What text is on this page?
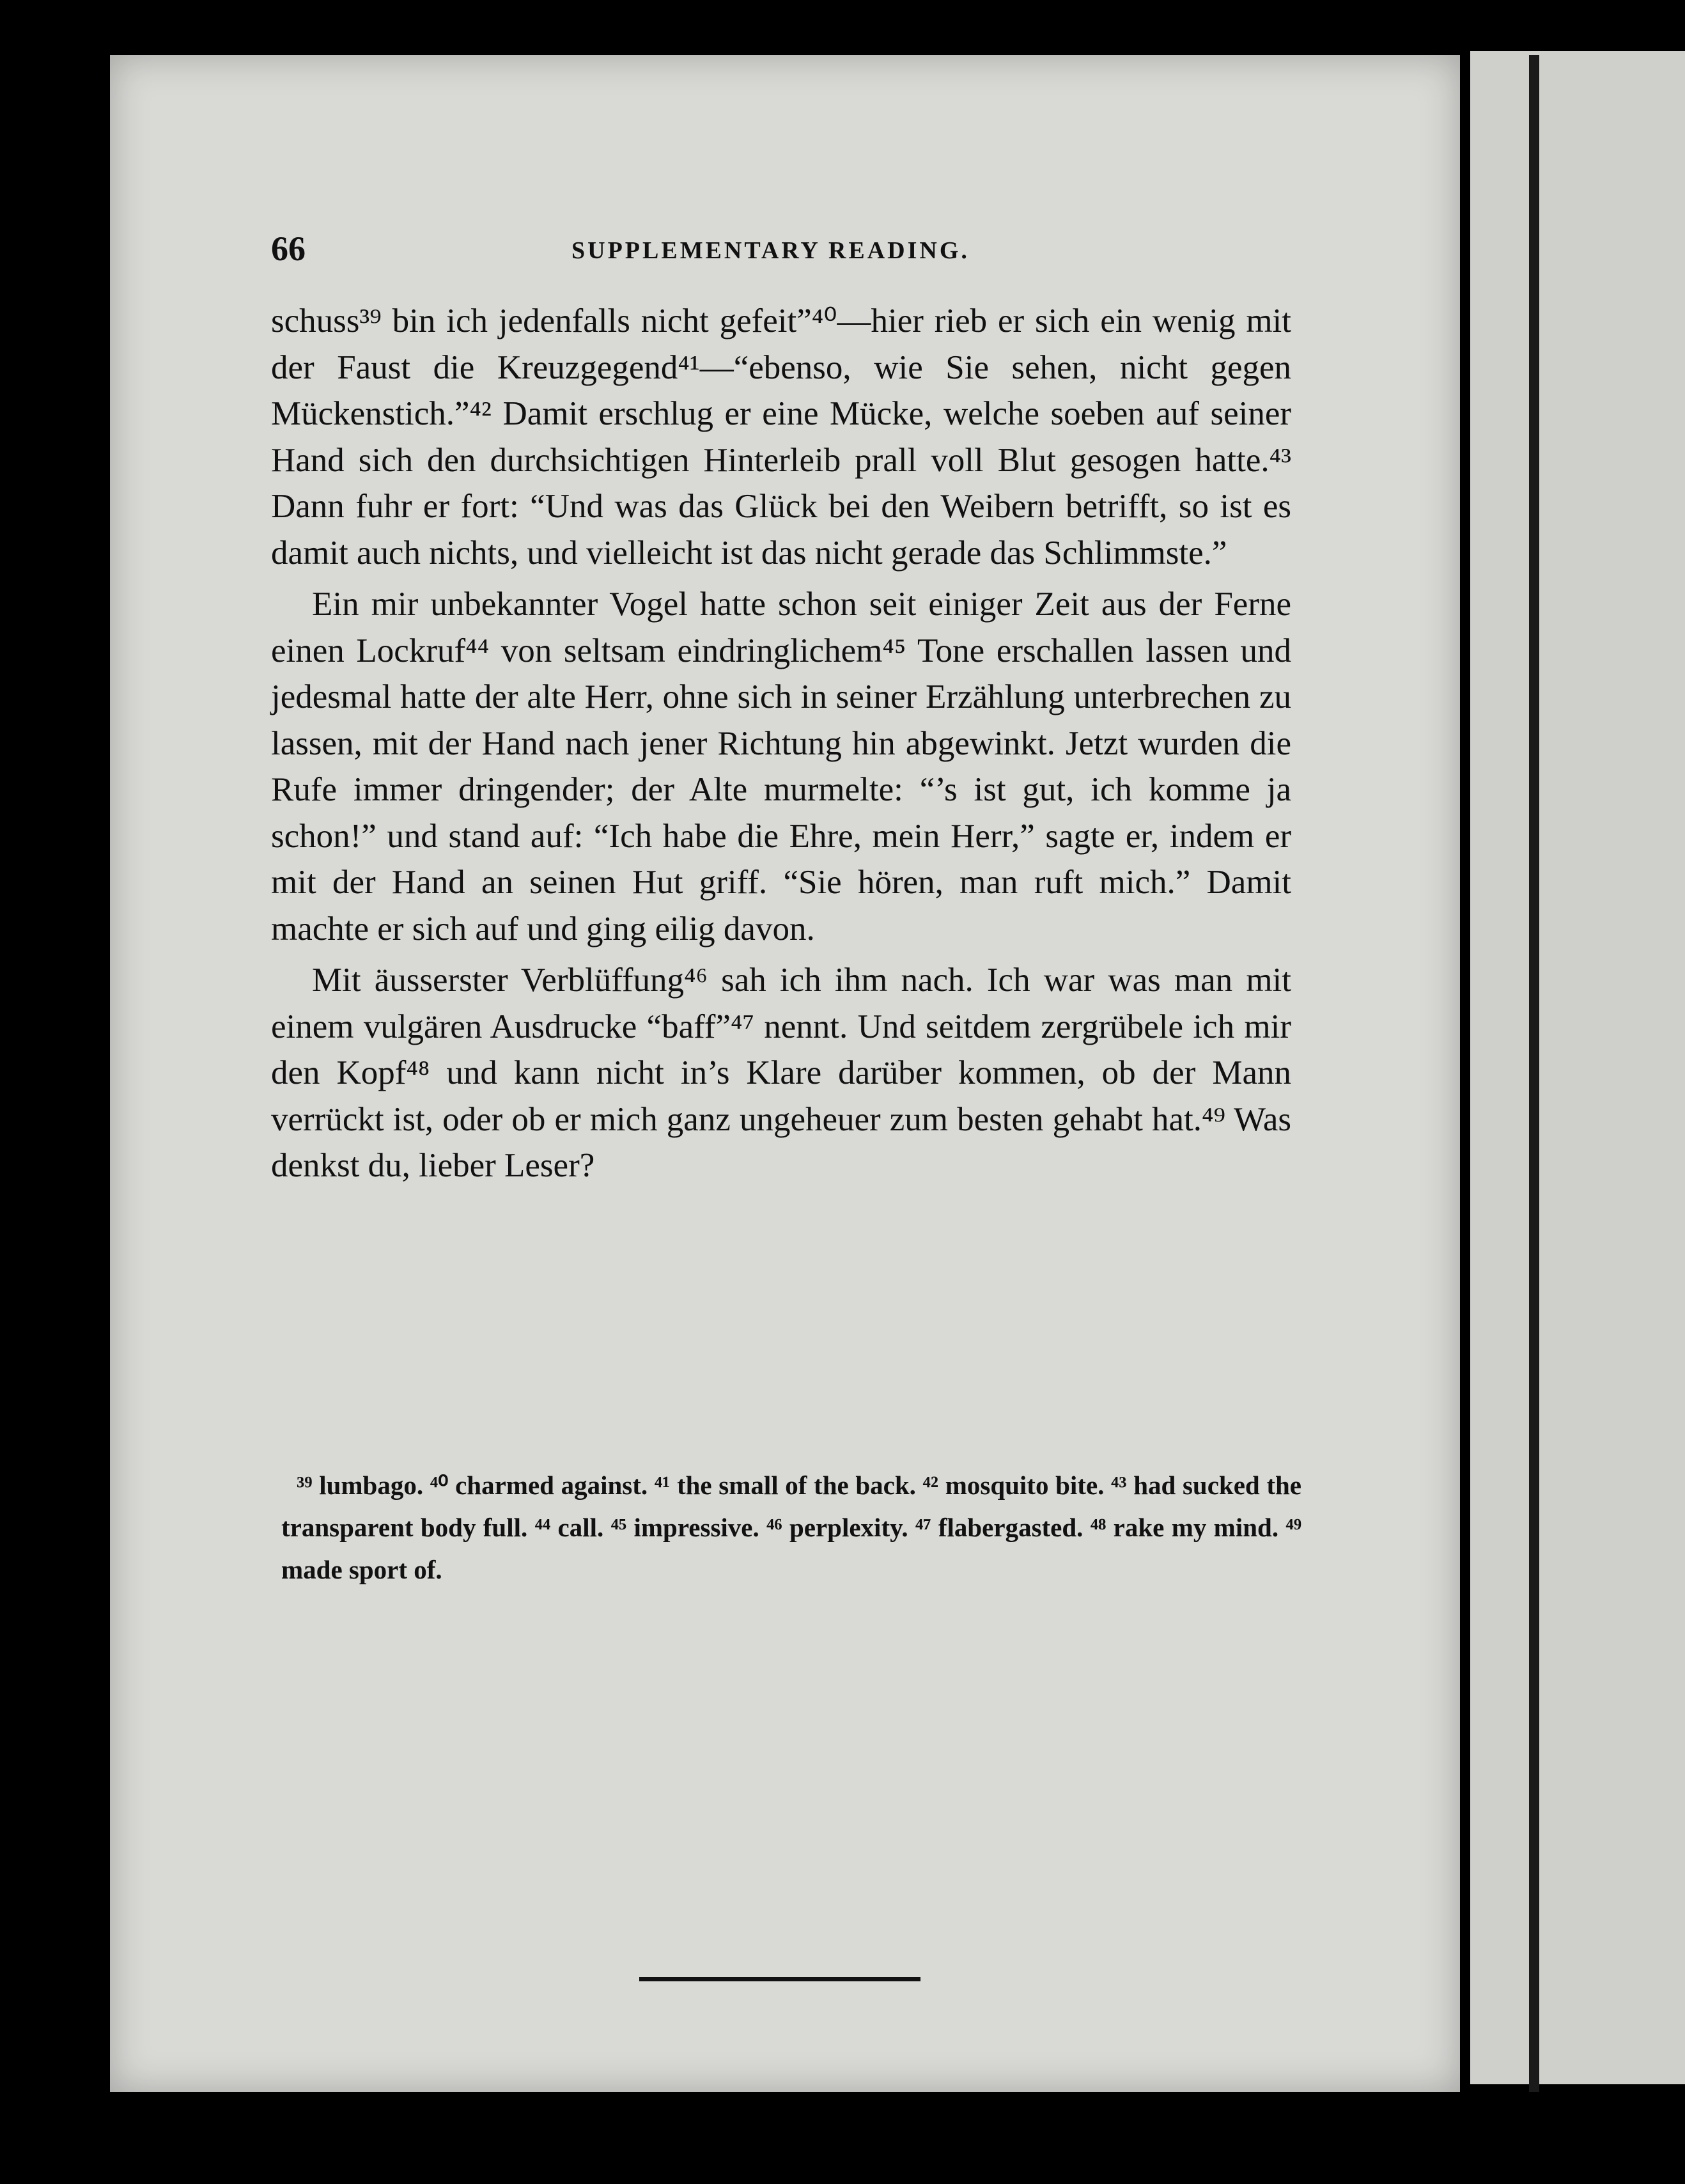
66	SUPPLEMENTARY READING.

schuss³⁹ bin ich jedenfalls nicht gefeit”⁴⁰—hier rieb er sich ein wenig mit der Faust die Kreuzgegend⁴¹—“ebenso, wie Sie sehen, nicht gegen Mückenstich.”⁴² Damit erschlug er eine Mücke, welche soeben auf seiner Hand sich den durchsichtigen Hinterleib prall voll Blut gesogen hatte.⁴³ Dann fuhr er fort: “Und was das Glück bei den Weibern betrifft, so ist es damit auch nichts, und vielleicht ist das nicht gerade das Schlimmste.”

Ein mir unbekannter Vogel hatte schon seit einiger Zeit aus der Ferne einen Lockruf⁴⁴ von seltsam eindringlichem⁴⁵ Tone erschallen lassen und jedesmal hatte der alte Herr, ohne sich in seiner Erzählung unterbrechen zu lassen, mit der Hand nach jener Richtung hin abgewinkt. Jetzt wurden die Rufe immer dringender; der Alte murmelte: “’s ist gut, ich komme ja schon!” und stand auf: “Ich habe die Ehre, mein Herr,” sagte er, indem er mit der Hand an seinen Hut griff. “Sie hören, man ruft mich.” Damit machte er sich auf und ging eilig davon.

Mit äusserster Verblüffung⁴⁶ sah ich ihm nach. Ich war was man mit einem vulgären Ausdrucke “baff”⁴⁷ nennt. Und seitdem zergrübele ich mir den Kopf⁴⁸ und kann nicht in’s Klare darüber kommen, ob der Mann verrückt ist, oder ob er mich ganz ungeheuer zum besten gehabt hat.⁴⁹ Was denkst du, lieber Leser?

³⁹ lumbago. ⁴⁰ charmed against. ⁴¹ the small of the back. ⁴² mosquito bite. ⁴³ had sucked the transparent body full. ⁴⁴ call. ⁴⁵ impressive. ⁴⁶ perplexity. ⁴⁷ flabergasted. ⁴⁸ rake my mind. ⁴⁹ made sport of.
